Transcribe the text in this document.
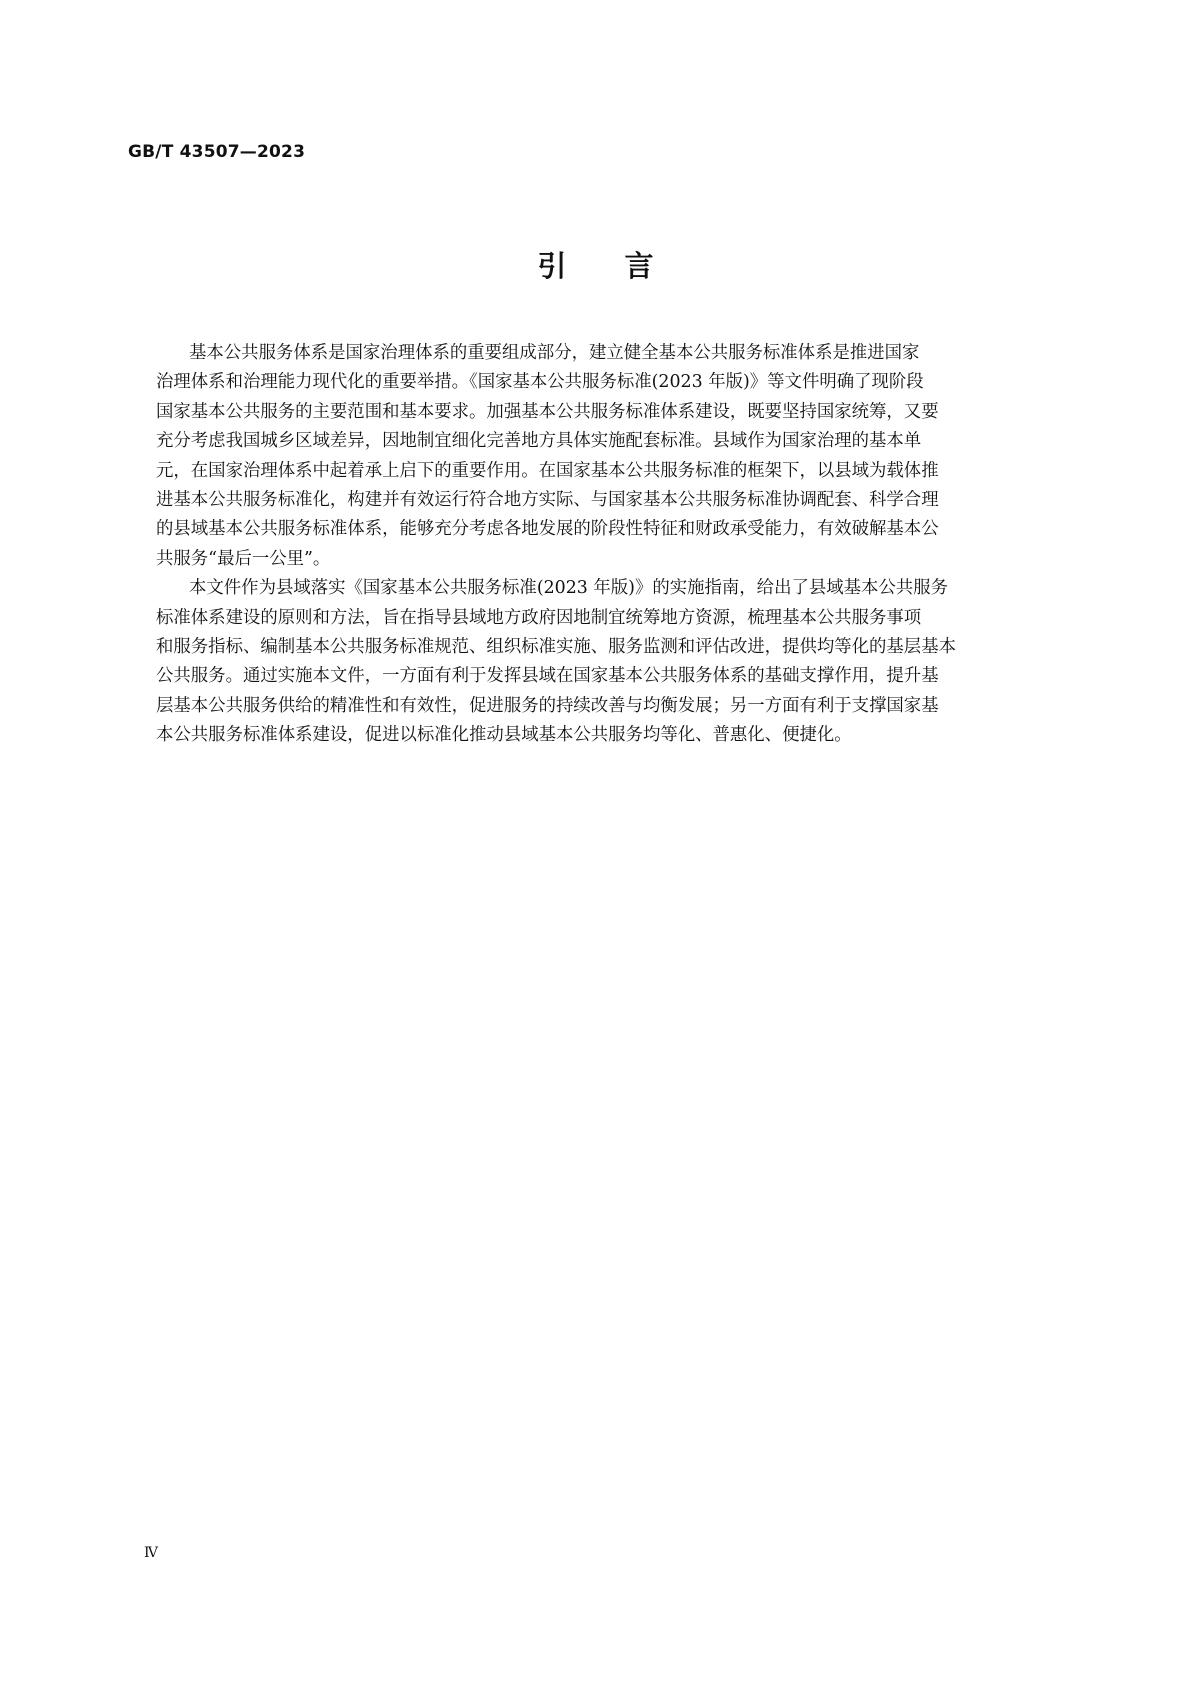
GB/T 43507—2023
引言
基本公共服务体系是国家治理体系的重要组成部分，建立健全基本公共服务标准体系是推进国家
治理体系和治理能力现代化的重要举措。《国家基本公共服务标准(2023 年版)》等文件明确了现阶段
国家基本公共服务的主要范围和基本要求。加强基本公共服务标准体系建设，既要坚持国家统筹，又要
充分考虑我国城乡区域差异，因地制宜细化完善地方具体实施配套标准。县域作为国家治理的基本单
元，在国家治理体系中起着承上启下的重要作用。在国家基本公共服务标准的框架下，以县域为载体推
进基本公共服务标准化，构建并有效运行符合地方实际、与国家基本公共服务标准协调配套、科学合理
的县域基本公共服务标准体系，能够充分考虑各地发展的阶段性特征和财政承受能力，有效破解基本公
共服务“最后一公里”。
本文件作为县域落实《国家基本公共服务标准(2023 年版)》的实施指南，给出了县域基本公共服务
标准体系建设的原则和方法，旨在指导县域地方政府因地制宜统筹地方资源，梳理基本公共服务事项
和服务指标、编制基本公共服务标准规范、组织标准实施、服务监测和评估改进，提供均等化的基层基本
公共服务。通过实施本文件，一方面有利于发挥县域在国家基本公共服务体系的基础支撑作用，提升基
层基本公共服务供给的精准性和有效性，促进服务的持续改善与均衡发展；另一方面有利于支撑国家基
本公共服务标准体系建设，促进以标准化推动县域基本公共服务均等化、普惠化、便捷化。
Ⅳ
